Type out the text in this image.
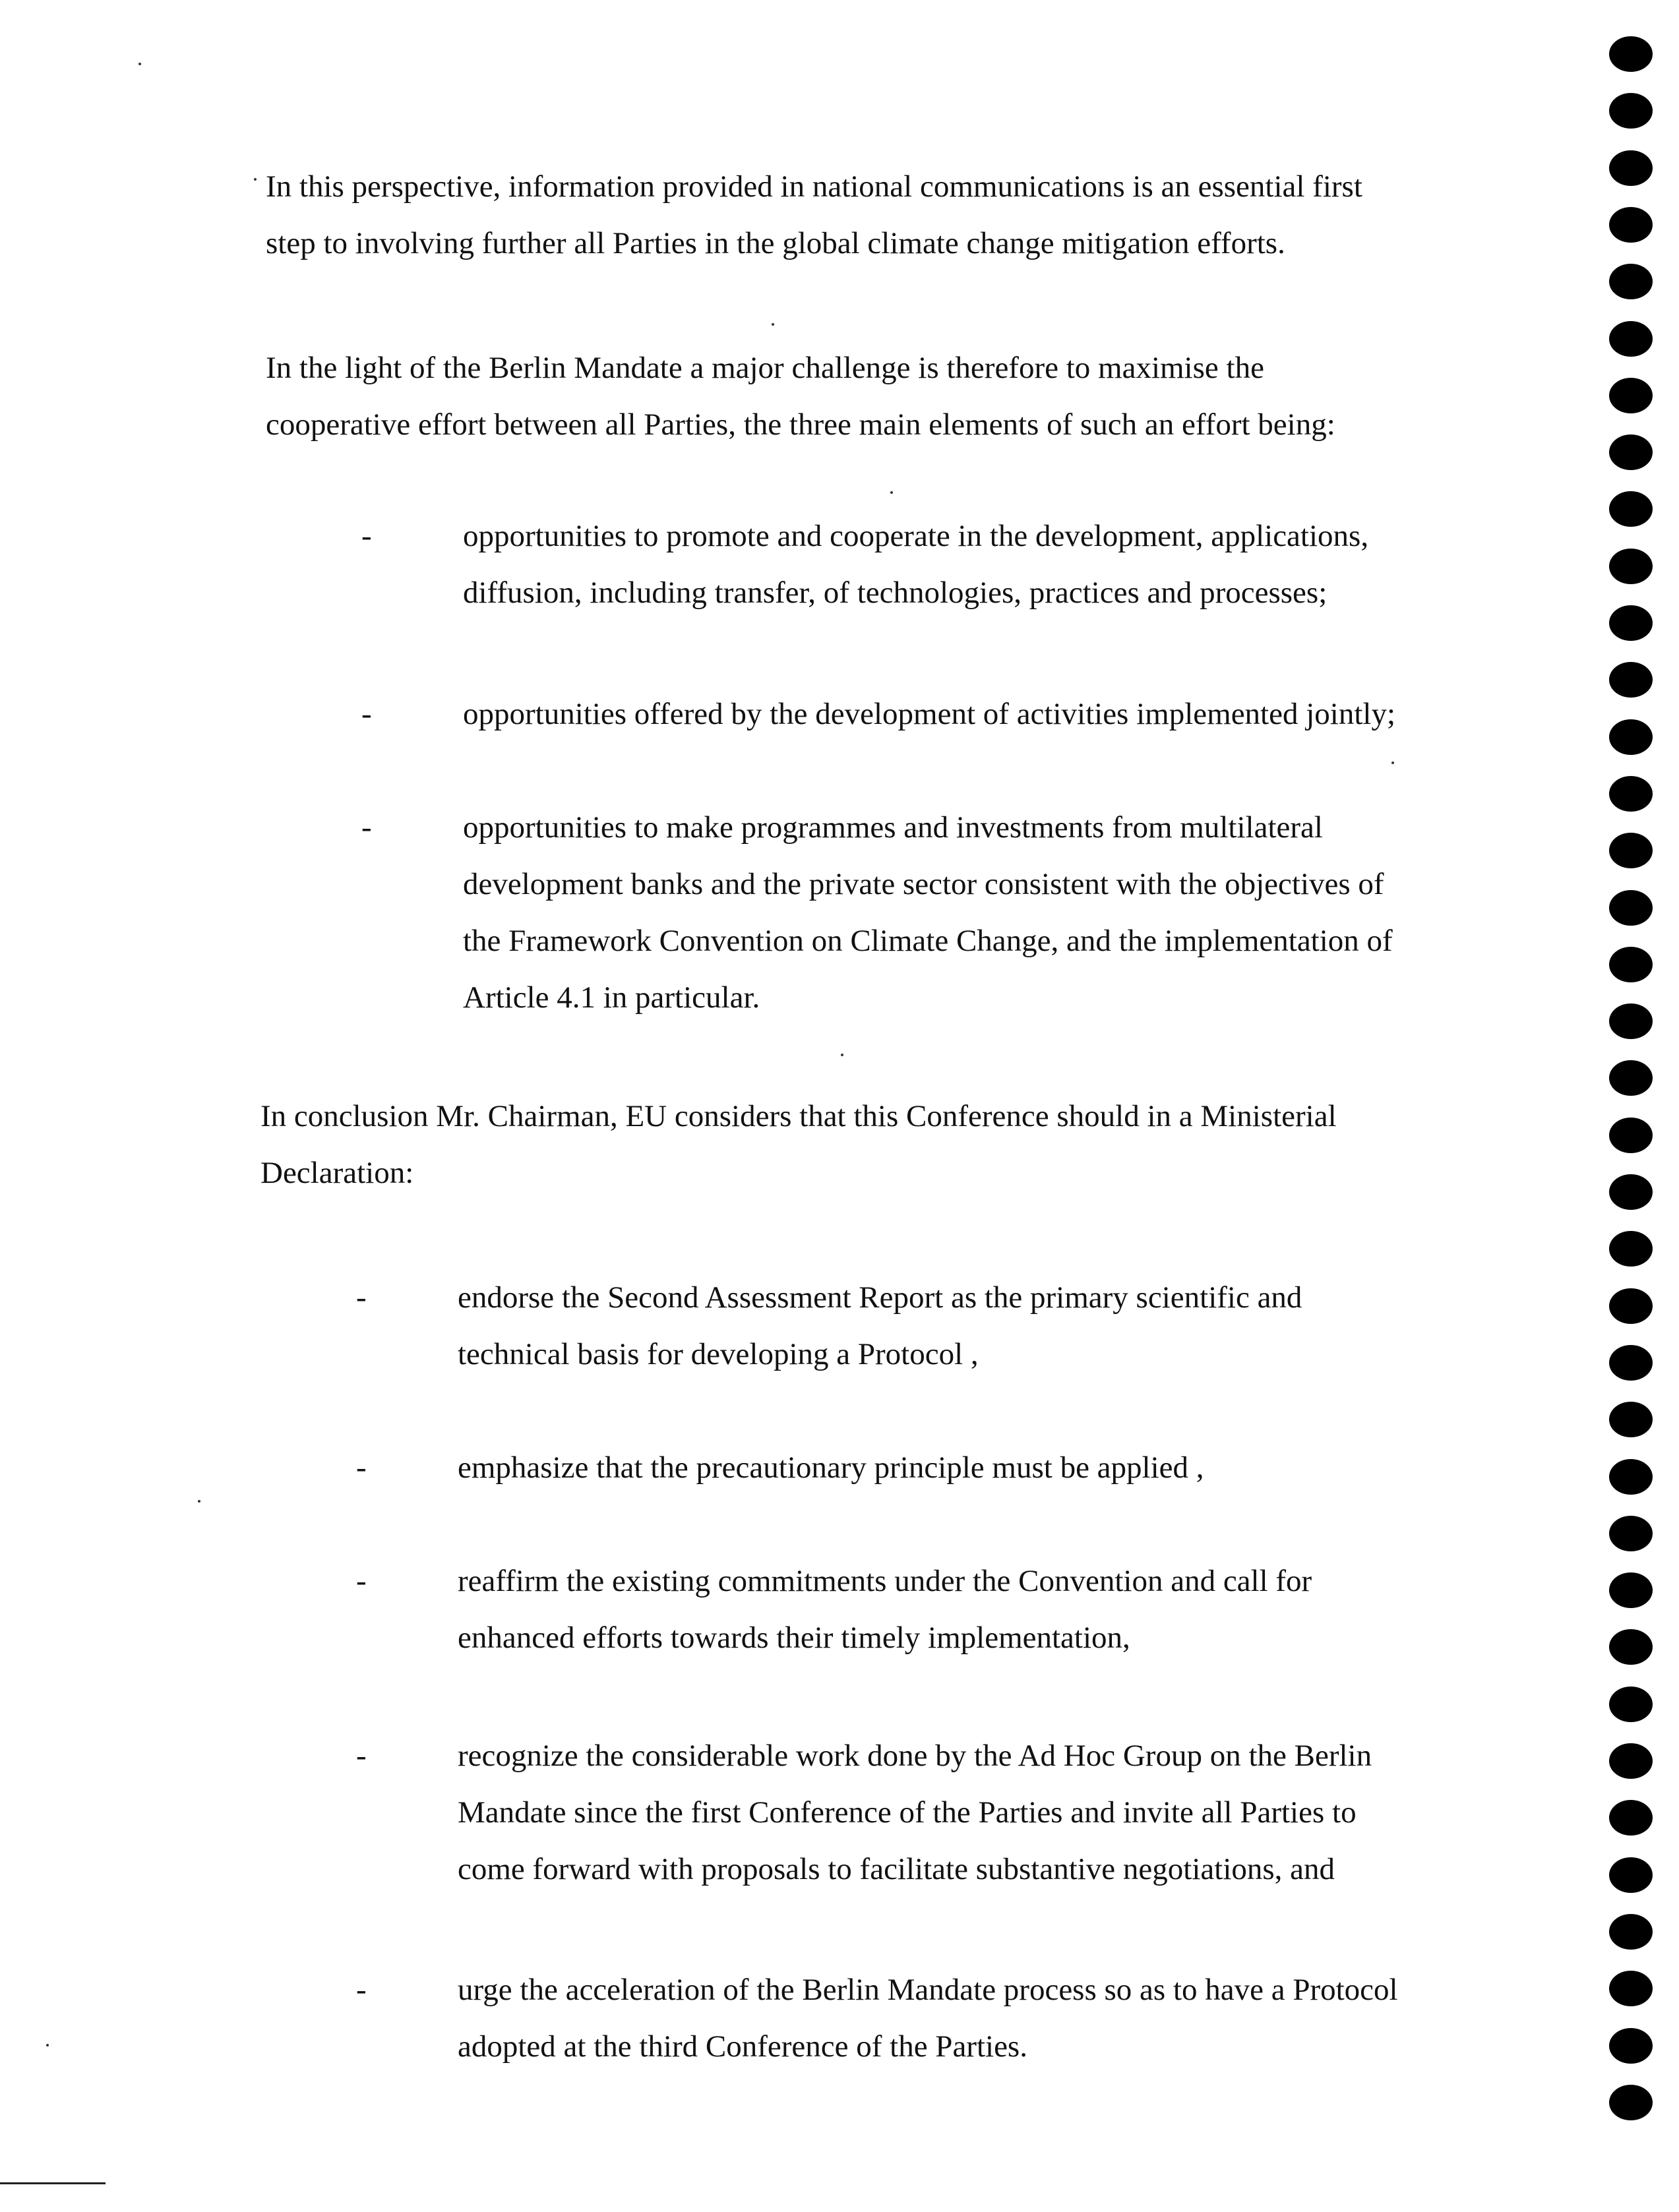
In this perspective, information provided in national communications is an essential first
step to involving further all Parties in the global climate change mitigation efforts.

In the light of the Berlin Mandate a major challenge is therefore to maximise the
cooperative effort between all Parties, the three main elements of such an effort being:

-	opportunities to promote and cooperate in the development, applications,
diffusion, including transfer, of technologies, practices and processes;

-	opportunities offered by the development of activities implemented jointly;

-	opportunities to make programmes and investments from multilateral
development banks and the private sector consistent with the objectives of
the Framework Convention on Climate Change, and the implementation of
Article 4.1 in particular.

In conclusion Mr. Chairman, EU considers that this Conference should in a Ministerial
Declaration:

-	endorse the Second Assessment Report as the primary scientific and
technical basis for developing a Protocol ,

-	emphasize that the precautionary principle must be applied ,

-	reaffirm the existing commitments under the Convention and call for
enhanced efforts towards their timely implementation,

-	recognize the considerable work done by the Ad Hoc Group on the Berlin
Mandate since the first Conference of the Parties and invite all Parties to
come forward with proposals to facilitate substantive negotiations, and

-	urge the acceleration of the Berlin Mandate process so as to have a Protocol
adopted at the third Conference of the Parties.
